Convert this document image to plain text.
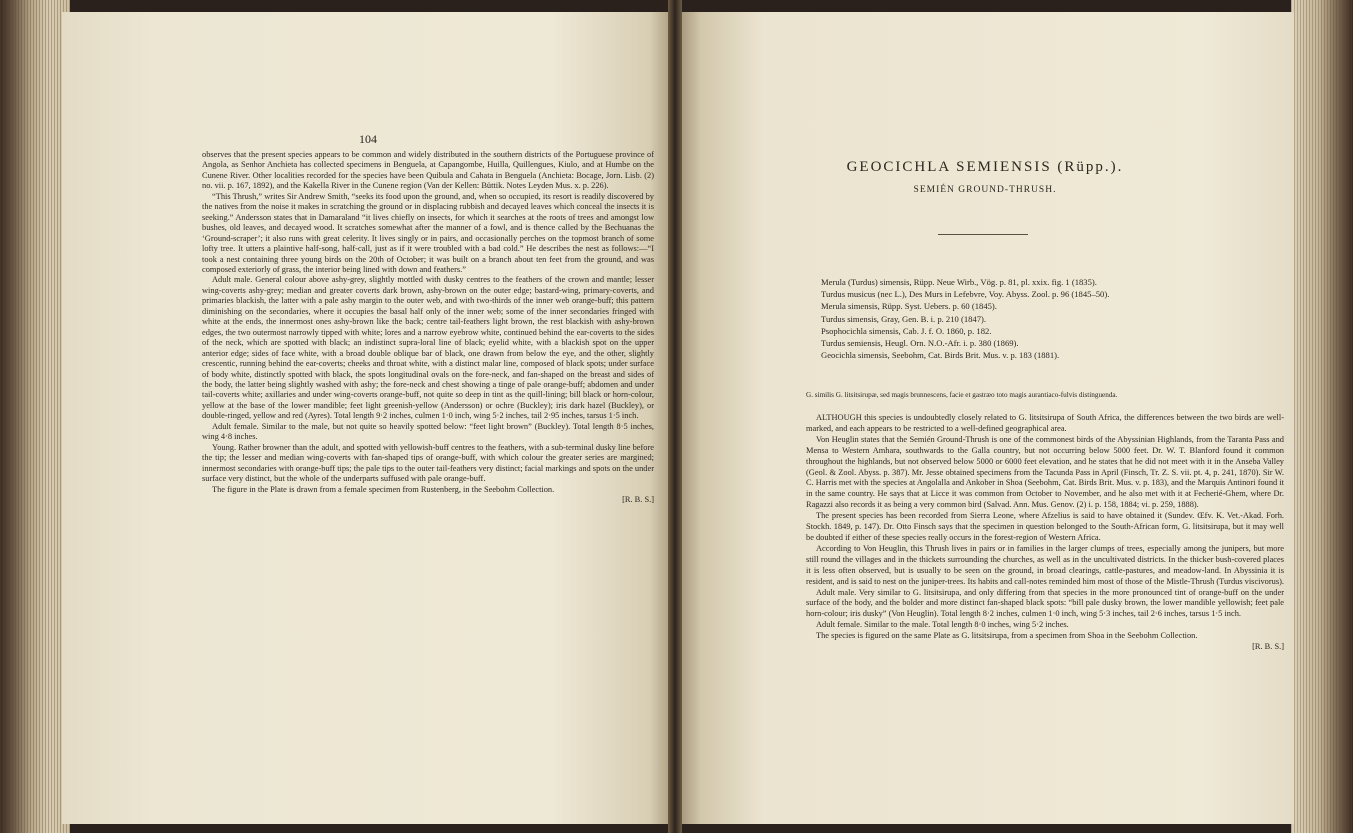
104

observes that the present species appears to be common and widely distributed in the southern districts of the Portuguese province of Angola, as Senhor Anchieta has collected specimens in Benguela, at Capangombe, Huilla, Quillengues, Kiulo, and at Humbe on the Cunene River. Other localities recorded for the species have been Quibula and Cahata in Benguela (Anchieta: Bocage, Jorn. Lisb. (2) no. vii. p. 167, 1892), and the Kakella River in the Cunene region (Van der Kellen: Büttik. Notes Leyden Mus. x. p. 226).

“This Thrush,” writes Sir Andrew Smith, “seeks its food upon the ground, and, when so occupied, its resort is readily discovered by the natives from the noise it makes in scratching the ground or in displacing rubbish and decayed leaves which conceal the insects it is seeking.” Andersson states that in Damaraland “it lives chiefly on insects, for which it searches at the roots of trees and amongst low bushes, old leaves, and decayed wood. It scratches somewhat after the manner of a fowl, and is thence called by the Bechuanas the ‘Ground-scraper’; it also runs with great celerity. It lives singly or in pairs, and occasionally perches on the topmost branch of some lofty tree. It utters a plaintive half-song, half-call, just as if it were troubled with a bad cold.” He describes the nest as follows:—“I took a nest containing three young birds on the 20th of October; it was built on a branch about ten feet from the ground, and was composed exteriorly of grass, the interior being lined with down and feathers.”

Adult male. General colour above ashy-grey, slightly mottled with dusky centres to the feathers of the crown and mantle; lesser wing-coverts ashy-grey; median and greater coverts dark brown, ashy-brown on the outer edge; bastard-wing, primary-coverts, and primaries blackish, the latter with a pale ashy margin to the outer web, and with two-thirds of the inner web orange-buff; this pattern diminishing on the secondaries, where it occupies the basal half only of the inner web; some of the inner secondaries fringed with white at the ends, the innermost ones ashy-brown like the back; centre tail-feathers light brown, the rest blackish with ashy-brown edges, the two outermost narrowly tipped with white; lores and a narrow eyebrow white, continued behind the ear-coverts to the sides of the neck, which are spotted with black; an indistinct supra-loral line of black; eyelid white, with a blackish spot on the upper anterior edge; sides of face white, with a broad double oblique bar of black, one drawn from below the eye, and the other, slightly crescentic, running behind the ear-coverts; cheeks and throat white, with a distinct malar line, composed of black spots; under surface of body white, distinctly spotted with black, the spots longitudinal ovals on the fore-neck, and fan-shaped on the breast and sides of the body, the latter being slightly washed with ashy; the fore-neck and chest showing a tinge of pale orange-buff; abdomen and under tail-coverts white; axillaries and under wing-coverts orange-buff, not quite so deep in tint as the quill-lining; bill black or horn-colour, yellow at the base of the lower mandible; feet light greenish-yellow (Andersson) or ochre (Buckley); iris dark hazel (Buckley), or double-ringed, yellow and red (Ayres). Total length 9·2 inches, culmen 1·0 inch, wing 5·2 inches, tail 2·95 inches, tarsus 1·5 inch.

Adult female. Similar to the male, but not quite so heavily spotted below: “feet light brown” (Buckley). Total length 8·5 inches, wing 4·8 inches.

Young. Rather browner than the adult, and spotted with yellowish-buff centres to the feathers, with a sub-terminal dusky line before the tip; the lesser and median wing-coverts with fan-shaped tips of orange-buff, with which colour the greater series are margined; innermost secondaries with orange-buff tips; the pale tips to the outer tail-feathers very distinct; facial markings and spots on the under surface very distinct, but the whole of the underparts suffused with pale orange-buff.

The figure in the Plate is drawn from a female specimen from Rustenberg, in the Seebohm Collection.

[R. B. S.]
GEOCICHLA SEMIENSIS (Rüpp.).
SEMIÉN GROUND-THRUSH.
Merula (Turdus) simensis, Rüpp. Neue Wirb., Vög. p. 81, pl. xxix. fig. 1 (1835).
Turdus musicus (nec L.), Des Murs in Lefebvre, Voy. Abyss. Zool. p. 96 (1845–50).
Merula simensis, Rüpp. Syst. Uebers. p. 60 (1845).
Turdus simensis, Gray, Gen. B. i. p. 210 (1847).
Psophocichla simensis, Cab. J. f. O. 1860, p. 182.
Turdus semiensis, Heugl. Orn. N.O.-Afr. i. p. 380 (1869).
Geocichla simensis, Seebohm, Cat. Birds Brit. Mus. v. p. 183 (1881).
G. similis G. litsitsirupæ, sed magis brunnescens, facie et gastræo toto magis aurantiaco-fulvis distinguenda.

ALTHOUGH this species is undoubtedly closely related to G. litsitsirupa of South Africa, the differences between the two birds are well-marked, and each appears to be restricted to a well-defined geographical area.

Von Heuglin states that the Semién Ground-Thrush is one of the commonest birds of the Abyssinian Highlands, from the Taranta Pass and Mensa to Western Amhara, southwards to the Galla country, but not occurring below 5000 feet. Dr. W. T. Blanford found it common throughout the highlands, but not observed below 5000 or 6000 feet elevation, and he states that he did not meet with it in the Anseba Valley (Geol. & Zool. Abyss. p. 387). Mr. Jesse obtained specimens from the Tacunda Pass in April (Finsch, Tr. Z. S. vii. pt. 4, p. 241, 1870). Sir W. C. Harris met with the species at Angolalla and Ankober in Shoa (Seebohm, Cat. Birds Brit. Mus. v. p. 183), and the Marquis Antinori found it in the same country. He says that at Licce it was common from October to November, and he also met with it at Fecherié-Ghem, where Dr. Ragazzi also records it as being a very common bird (Salvad. Ann. Mus. Genov. (2) i. p. 158, 1884; vi. p. 259, 1888).

The present species has been recorded from Sierra Leone, where Afzelius is said to have obtained it (Sundev. Œfv. K. Vet.-Akad. Forh. Stockh. 1849, p. 147). Dr. Otto Finsch says that the specimen in question belonged to the South-African form, G. litsitsirupa, but it may well be doubted if either of these species really occurs in the forest-region of Western Africa.

According to Von Heuglin, this Thrush lives in pairs or in families in the larger clumps of trees, especially among the junipers, but more still round the villages and in the thickets surrounding the churches, as well as in the uncultivated districts. In the thicker bush-covered places it is less often observed, but is usually to be seen on the ground, in broad clearings, cattle-pastures, and meadow-land. In Abyssinia it is resident, and is said to nest on the juniper-trees. Its habits and call-notes reminded him most of those of the Mistle-Thrush (Turdus viscivorus).

Adult male. Very similar to G. litsitsirupa, and only differing from that species in the more pronounced tint of orange-buff on the under surface of the body, and the bolder and more distinct fan-shaped black spots: “bill pale dusky brown, the lower mandible yellowish; feet pale horn-colour; iris dusky” (Von Heuglin). Total length 8·2 inches, culmen 1·0 inch, wing 5·3 inches, tail 2·6 inches, tarsus 1·5 inch.

Adult female. Similar to the male. Total length 8·0 inches, wing 5·2 inches.

The species is figured on the same Plate as G. litsitsirupa, from a specimen from Shoa in the Seebohm Collection.

[R. B. S.]
